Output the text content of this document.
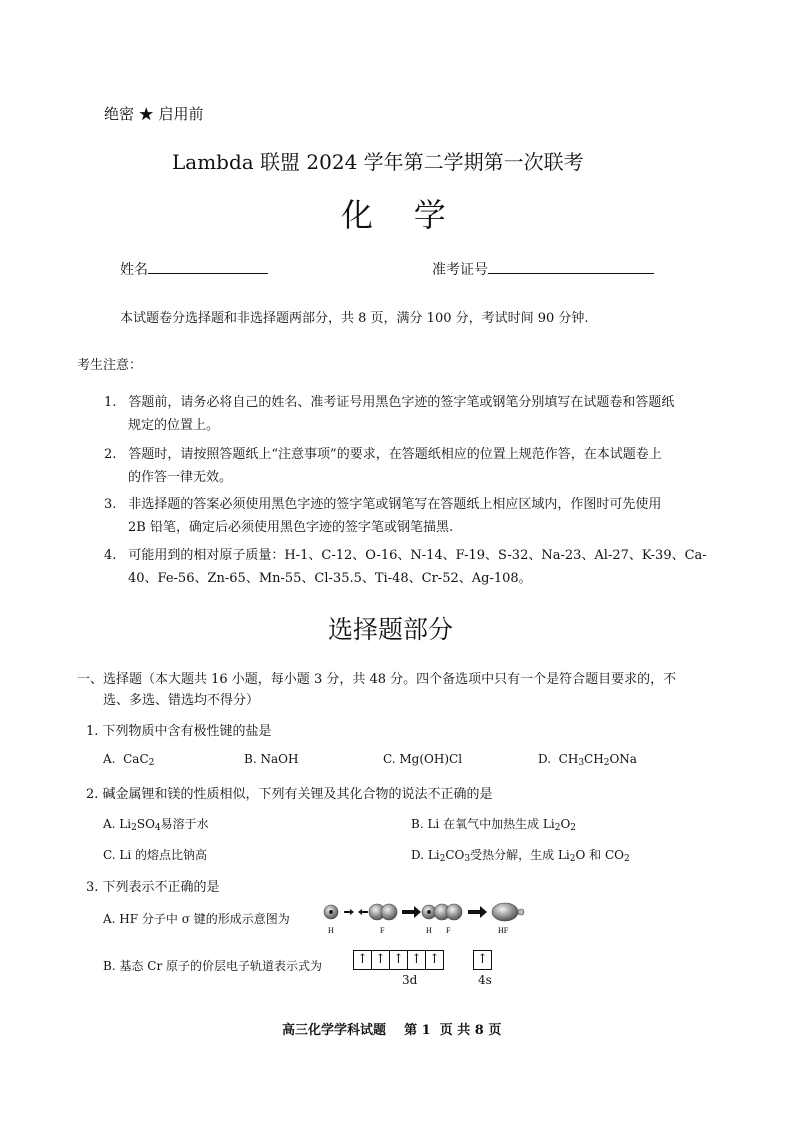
绝密 ★ 启用前
Lambda 联盟 2024 学年第二学期第一次联考
化    学
姓名	准考证号
本试题卷分选择题和非选择题两部分，共 8 页，满分 100 分，考试时间 90 分钟.
考生注意：
1. 答题前，请务必将自己的姓名、准考证号用黑色字迹的签字笔或钢笔分别填写在试题卷和答题纸
规定的位置上。
2. 答题时，请按照答题纸上“注意事项”的要求，在答题纸相应的位置上规范作答，在本试题卷上
的作答一律无效。
3. 非选择题的答案必须使用黑色字迹的签字笔或钢笔写在答题纸上相应区域内，作图时可先使用
2B 铅笔，确定后必须使用黑色字迹的签字笔或钢笔描黑.
4. 可能用到的相对原子质量：H-1、C-12、O-16、N-14、F-19、S-32、Na-23、Al-27、K-39、Ca-
40、Fe-56、Zn-65、Mn-55、Cl-35.5、Ti-48、Cr-52、Ag-108。
选择题部分
一、选择题（本大题共 16 小题，每小题 3 分，共 48 分。四个备选项中只有一个是符合题目要求的，不
选、多选、错选均不得分）
1. 下列物质中含有极性键的盐是
A. CaC$_2$	B. NaOH	C. Mg(OH)Cl	D. $CH_3CH_2ONa$
2. 碱金属锂和镁的性质相似，下列有关锂及其化合物的说法不正确的是
A. $Li_2SO_4$易溶于水	B. Li 在氧气中加热生成 $Li_2O_2$
C. Li 的熔点比钠高	D. $Li_2CO_3$受热分解，生成 $Li_2O$ 和 $CO_2$
3. 下列表示不正确的是
A. HF 分子中 σ 键的形成示意图为
H	F	H F	HF
B. 基态 Cr 原子的价层电子轨道表示式为	↑ ↑ ↑ ↑ ↑	↑
3d	4s
高三化学学科试题    第 1  页 共 8 页
